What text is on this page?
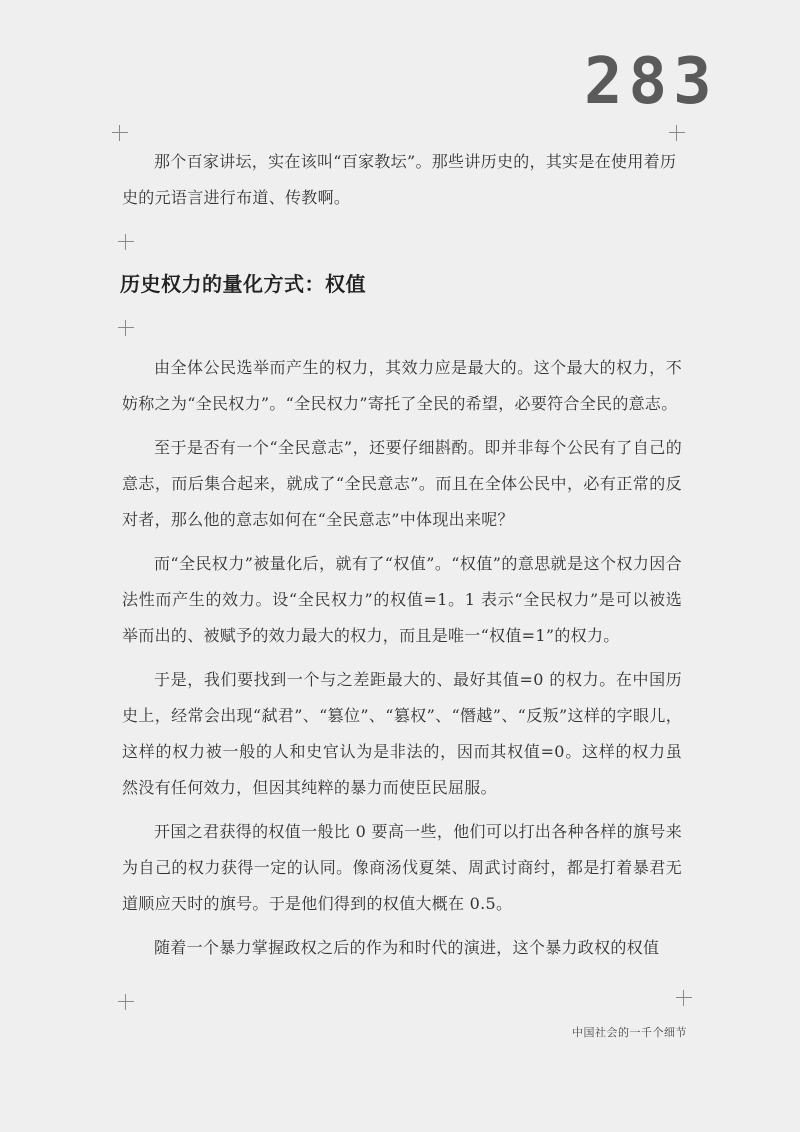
283

那个百家讲坛，实在该叫“百家教坛”。那些讲历史的，其实是在使用着历

史的元语言进行布道、传教啊。

历史权力的量化方式：权值

由全体公民选举而产生的权力，其效力应是最大的。这个最大的权力，不妨称之为“全民权力”。“全民权力”寄托了全民的希望，必要符合全民的意志。

至于是否有一个“全民意志”，还要仔细斟酌。即并非每个公民有了自己的意志，而后集合起来，就成了“全民意志”。而且在全体公民中，必有正常的反对者，那么他的意志如何在“全民意志”中体现出来呢？

而“全民权力”被量化后，就有了“权值”。“权值”的意思就是这个权力因合法性而产生的效力。设“全民权力”的权值=1。1 表示“全民权力”是可以被选举而出的、被赋予的效力最大的权力，而且是唯一“权值=1”的权力。

于是，我们要找到一个与之差距最大的、最好其值=0 的权力。在中国历史上，经常会出现“弑君”、“篡位”、“篡权”、“僭越”、“反叛”这样的字眼儿，这样的权力被一般的人和史官认为是非法的，因而其权值=0。这样的权力虽然没有任何效力，但因其纯粹的暴力而使臣民屈服。

开国之君获得的权值一般比 0 要高一些，他们可以打出各种各样的旗号来为自己的权力获得一定的认同。像商汤伐夏桀、周武讨商纣，都是打着暴君无道顺应天时的旗号。于是他们得到的权值大概在 0.5。

随着一个暴力掌握政权之后的作为和时代的演进，这个暴力政权的权值

中国社会的一千个细节
